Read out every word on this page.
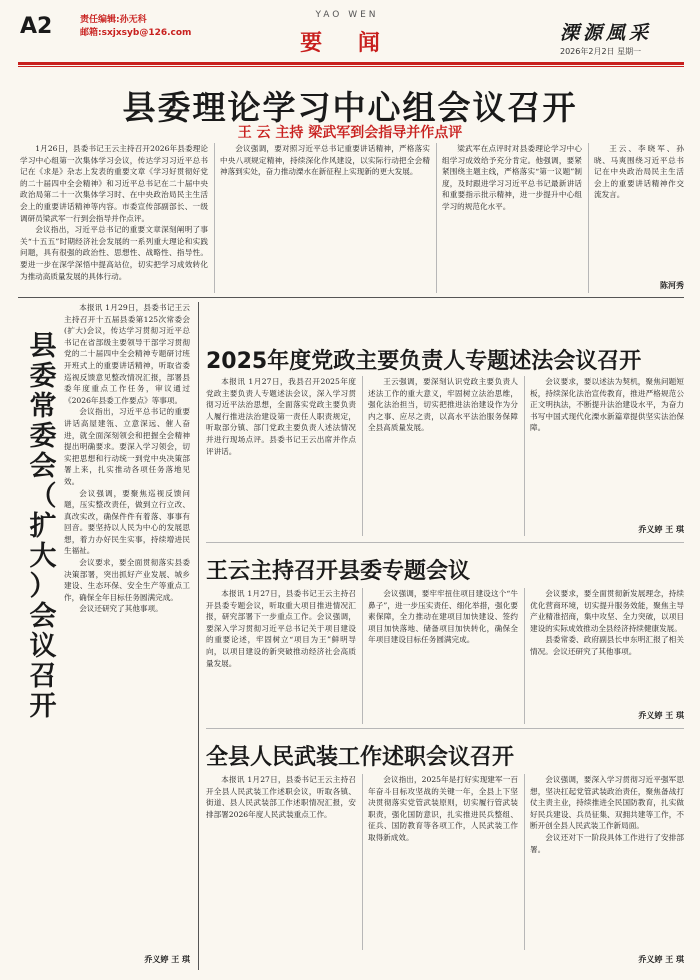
A2	责任编辑:孙无科
邮箱:sxjxsyb@126.com
YAO WEN
要 闻	溧源風采
2026年2月2日 星期一
县委理论学习中心组会议召开
王 云 主持 梁武军到会指导并作点评

1月26日，县委书记王云主持召开2026年县委理论学习中心组第一次集体学习会议，传达学习习近平总书记在《求是》杂志上发表的重要文章《学习好贯彻好党的二十届四中全会精神》和习近平总书记在二十届中央政治局第二十一次集体学习时、在中央政治局民主生活会上的重要讲话精神等内容。市委宣传部副部长、一级调研员梁武军一行到会指导并作点评。

会议指出，习近平总书记的重要文章深刻阐明了事关“十五五”时期经济社会发展的一系列重大理论和实践问题，具有很强的政治性、思想性、战略性、指导性。要进一步在深学深悟中提高站位，切实把学习成效转化为推动高质量发展的具体行动。

会议强调，要对照习近平总书记重要讲话精神，严格落实中央八项规定精神，持续深化作风建设，以实际行动把全会精神落到实处，奋力推动溧水在新征程上实现新的更大发展。

梁武军在点评时对县委理论学习中心组学习成效给予充分肯定。他强调，要紧紧围绕主题主线，严格落实“第一议题”制度，及时跟进学习习近平总书记最新讲话和重要指示批示精神，进一步提升中心组学习的规范化水平。

王云、李晓军、孙晓、马爽围绕习近平总书记在中央政治局民主生活会上的重要讲话精神作交流发言。

陈河秀
县
委
常
委
会
（
扩
大
）
会
议
召
开

本报讯 1月29日，县委书记王云主持召开十五届县委第125次常委会(扩大)会议，传达学习贯彻习近平总书记在省部级主要领导干部学习贯彻党的二十届四中全会精神专题研讨班开班式上的重要讲话精神，听取省委巡视反馈意见整改情况汇报，部署县委年度重点工作任务，审议通过《2026年县委工作要点》等事项。

会议指出，习近平总书记的重要讲话高屋建瓴、立意深远、催人奋进，就全面深刻领会和把握全会精神提出明确要求。要深入学习领会，切实把思想和行动统一到党中央决策部署上来，扎实推动各项任务落地见效。

会议强调，要聚焦巡视反馈问题，压实整改责任，做到立行立改、真改实改，确保件件有着落、事事有回音。要坚持以人民为中心的发展思想，着力办好民生实事，持续增进民生福祉。

会议要求，要全面贯彻落实县委决策部署，突出抓好产业发展、城乡建设、生态环保、安全生产等重点工作，确保全年目标任务圆满完成。

会议还研究了其他事项。

乔义婷 王 琪
2025年度党政主要负责人专题述法会议召开

本报讯 1月27日，我县召开2025年度党政主要负责人专题述法会议，深入学习贯彻习近平法治思想，全面落实党政主要负责人履行推进法治建设第一责任人职责规定，听取部分镇、部门党政主要负责人述法情况并进行现场点评。县委书记王云出席并作点评讲话。

王云强调，要深刻认识党政主要负责人述法工作的重大意义，牢固树立法治思维，强化法治担当，切实把推进法治建设作为分内之事、应尽之责，以高水平法治服务保障全县高质量发展。

会议要求，要以述法为契机，聚焦问题短板，持续深化法治宣传教育，推进严格规范公正文明执法，不断提升法治建设水平，为奋力书写中国式现代化溧水新篇章提供坚实法治保障。

乔义婷 王 琪
王云主持召开县委专题会议

本报讯 1月27日，县委书记王云主持召开县委专题会议，听取重大项目推进情况汇报，研究部署下一步重点工作。会议强调，要深入学习贯彻习近平总书记关于项目建设的重要论述，牢固树立“项目为王”鲜明导向，以项目建设的新突破推动经济社会高质量发展。

会议强调，要牢牢扭住项目建设这个“牛鼻子”，进一步压实责任、细化举措，强化要素保障，全力推动在建项目加快建设、签约项目加快落地、储备项目加快转化，确保全年项目建设目标任务圆满完成。

会议要求，要全面贯彻新发展理念，持续优化营商环境，切实提升服务效能，聚焦主导产业精准招商，集中攻坚、全力突破，以项目建设的实际成效推动全县经济持续健康发展。

县委常委、政府副县长申东明汇报了相关情况。会议还研究了其他事项。

乔义婷 王 琪
全县人民武装工作述职会议召开

本报讯 1月27日，县委书记王云主持召开全县人民武装工作述职会议，听取各镇、街道、县人民武装部工作述职情况汇报，安排部署2026年度人民武装重点工作。

会议指出，2025年是打好实现建军一百年奋斗目标攻坚战的关键一年，全县上下坚决贯彻落实党管武装原则，切实履行管武装职责，强化国防意识，扎实推进民兵整组、征兵、国防教育等各项工作，人民武装工作取得新成效。

会议强调，要深入学习贯彻习近平强军思想，坚决扛起党管武装政治责任，聚焦备战打仗主责主业，持续推进全民国防教育，扎实做好民兵建设、兵员征集、双拥共建等工作，不断开创全县人民武装工作新局面。

会议还对下一阶段具体工作进行了安排部署。

乔义婷 王 琪
